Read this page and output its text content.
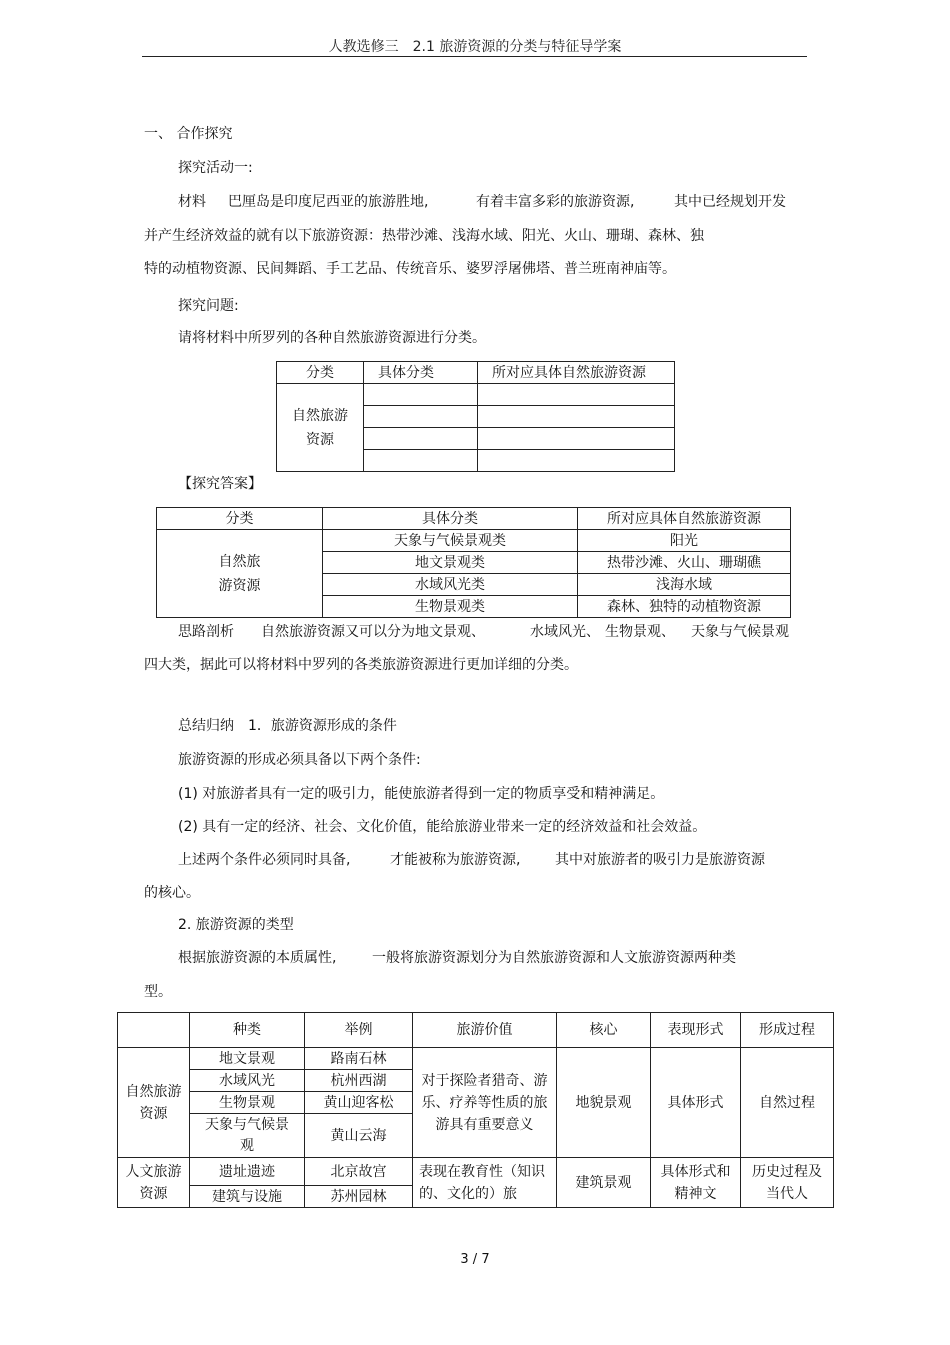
人教选修三　2.1 旅游资源的分类与特征导学案
一、 合作探究
探究活动一:
材料 巴厘岛是印度尼西亚的旅游胜地,	有着丰富多彩的旅游资源,	其中已经规划开发
并产生经济效益的就有以下旅游资源：热带沙滩、浅海水域、阳光、火山、珊瑚、森林、独
特的动植物资源、民间舞蹈、手工艺品、传统音乐、婆罗浮屠佛塔、普兰班南神庙等。
探究问题:
请将材料中所罗列的各种自然旅游资源进行分类。
分类	具体分类	所对应具体自然旅游资源
自然旅游资源		

【探究答案】
分类	具体分类	所对应具体自然旅游资源
自然旅游资源	天象与气候景观类	阳光
	地文景观类	热带沙滩、火山、珊瑚礁
	水域风光类	浅海水域
	生物景观类	森林、独特的动植物资源
思路剖析 自然旅游资源又可以分为地文景观、	水域风光、 生物景观、 天象与气候景观
四大类，据此可以将材料中罗列的各类旅游资源进行更加详细的分类。
总结归纳　1．旅游资源形成的条件
旅游资源的形成必须具备以下两个条件:
(1) 对旅游者具有一定的吸引力，能使旅游者得到一定的物质享受和精神满足。
(2) 具有一定的经济、社会、文化价值，能给旅游业带来一定的经济效益和社会效益。
上述两个条件必须同时具备,	才能被称为旅游资源, 其中对旅游者的吸引力是旅游资源
的核心。
2. 旅游资源的类型
根据旅游资源的本质属性,	一般将旅游资源划分为自然旅游资源和人文旅游资源两种类
型。
	种类	举例	旅游价值	核心	表现形式	形成过程
自然旅游资源	地文景观	路南石林	对于探险者猎奇、游乐、疗养等性质的旅游具有重要意义	地貌景观	具体形式	自然过程
	水域风光	杭州西湖				
	生物景观	黄山迎客松				
	天象与气候景观	黄山云海				
人文旅游资源	遗址遗迹	北京故宫	表现在教育性（知识的、文化的）旅	建筑景观	具体形式和精神文	历史过程及当代人
	建筑与设施	苏州园林				
3 / 7
